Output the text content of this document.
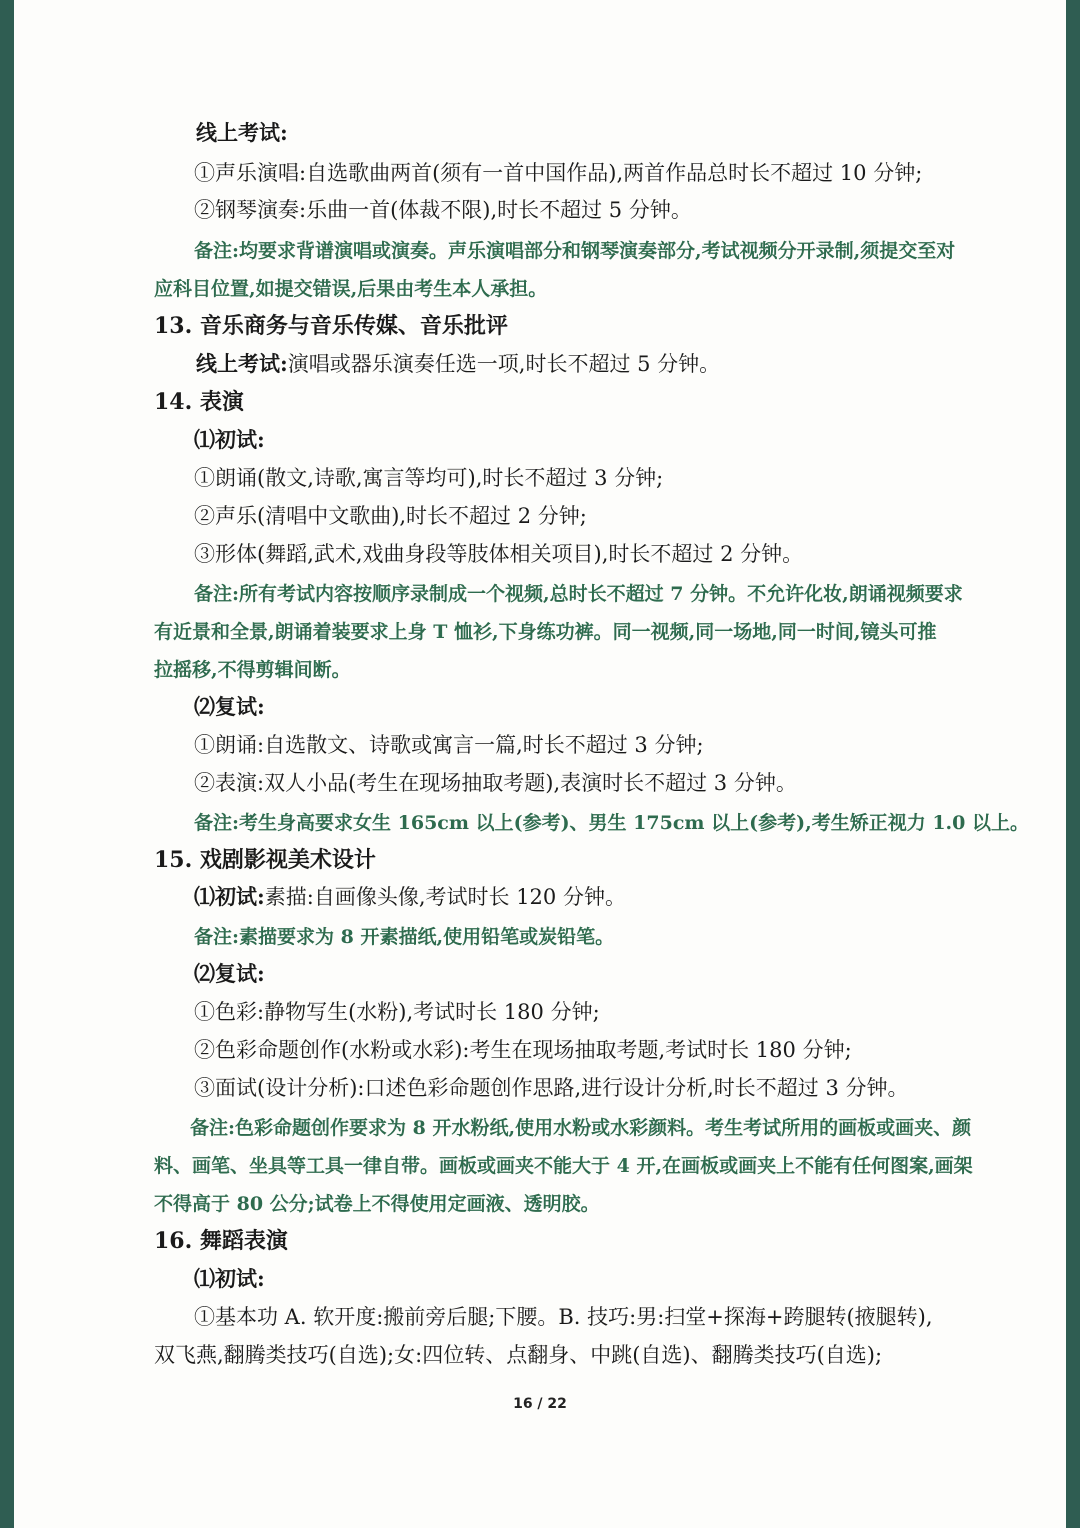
线上考试:
①声乐演唱:自选歌曲两首(须有一首中国作品),两首作品总时长不超过 10 分钟;
②钢琴演奏:乐曲一首(体裁不限),时长不超过 5 分钟。
备注:均要求背谱演唱或演奏。声乐演唱部分和钢琴演奏部分,考试视频分开录制,须提交至对
应科目位置,如提交错误,后果由考生本人承担。
13. 音乐商务与音乐传媒、音乐批评
线上考试:演唱或器乐演奏任选一项,时长不超过 5 分钟。
14. 表演
⑴初试:
①朗诵(散文,诗歌,寓言等均可),时长不超过 3 分钟;
②声乐(清唱中文歌曲),时长不超过 2 分钟;
③形体(舞蹈,武术,戏曲身段等肢体相关项目),时长不超过 2 分钟。
备注:所有考试内容按顺序录制成一个视频,总时长不超过 7 分钟。不允许化妆,朗诵视频要求
有近景和全景,朗诵着装要求上身 T 恤衫,下身练功裤。同一视频,同一场地,同一时间,镜头可推
拉摇移,不得剪辑间断。
⑵复试:
①朗诵:自选散文、诗歌或寓言一篇,时长不超过 3 分钟;
②表演:双人小品(考生在现场抽取考题),表演时长不超过 3 分钟。
备注:考生身高要求女生 165cm 以上(参考)、男生 175cm 以上(参考),考生矫正视力 1.0 以上。
15. 戏剧影视美术设计
⑴初试:素描:自画像头像,考试时长 120 分钟。
备注:素描要求为 8 开素描纸,使用铅笔或炭铅笔。
⑵复试:
①色彩:静物写生(水粉),考试时长 180 分钟;
②色彩命题创作(水粉或水彩):考生在现场抽取考题,考试时长 180 分钟;
③面试(设计分析):口述色彩命题创作思路,进行设计分析,时长不超过 3 分钟。
备注:色彩命题创作要求为 8 开水粉纸,使用水粉或水彩颜料。考生考试所用的画板或画夹、颜
料、画笔、坐具等工具一律自带。画板或画夹不能大于 4 开,在画板或画夹上不能有任何图案,画架
不得高于 80 公分;试卷上不得使用定画液、透明胶。
16. 舞蹈表演
⑴初试:
①基本功 A. 软开度:搬前旁后腿;下腰。B. 技巧:男:扫堂+探海+跨腿转(掖腿转),
双飞燕,翻腾类技巧(自选);女:四位转、点翻身、中跳(自选)、翻腾类技巧(自选);
16 / 22
